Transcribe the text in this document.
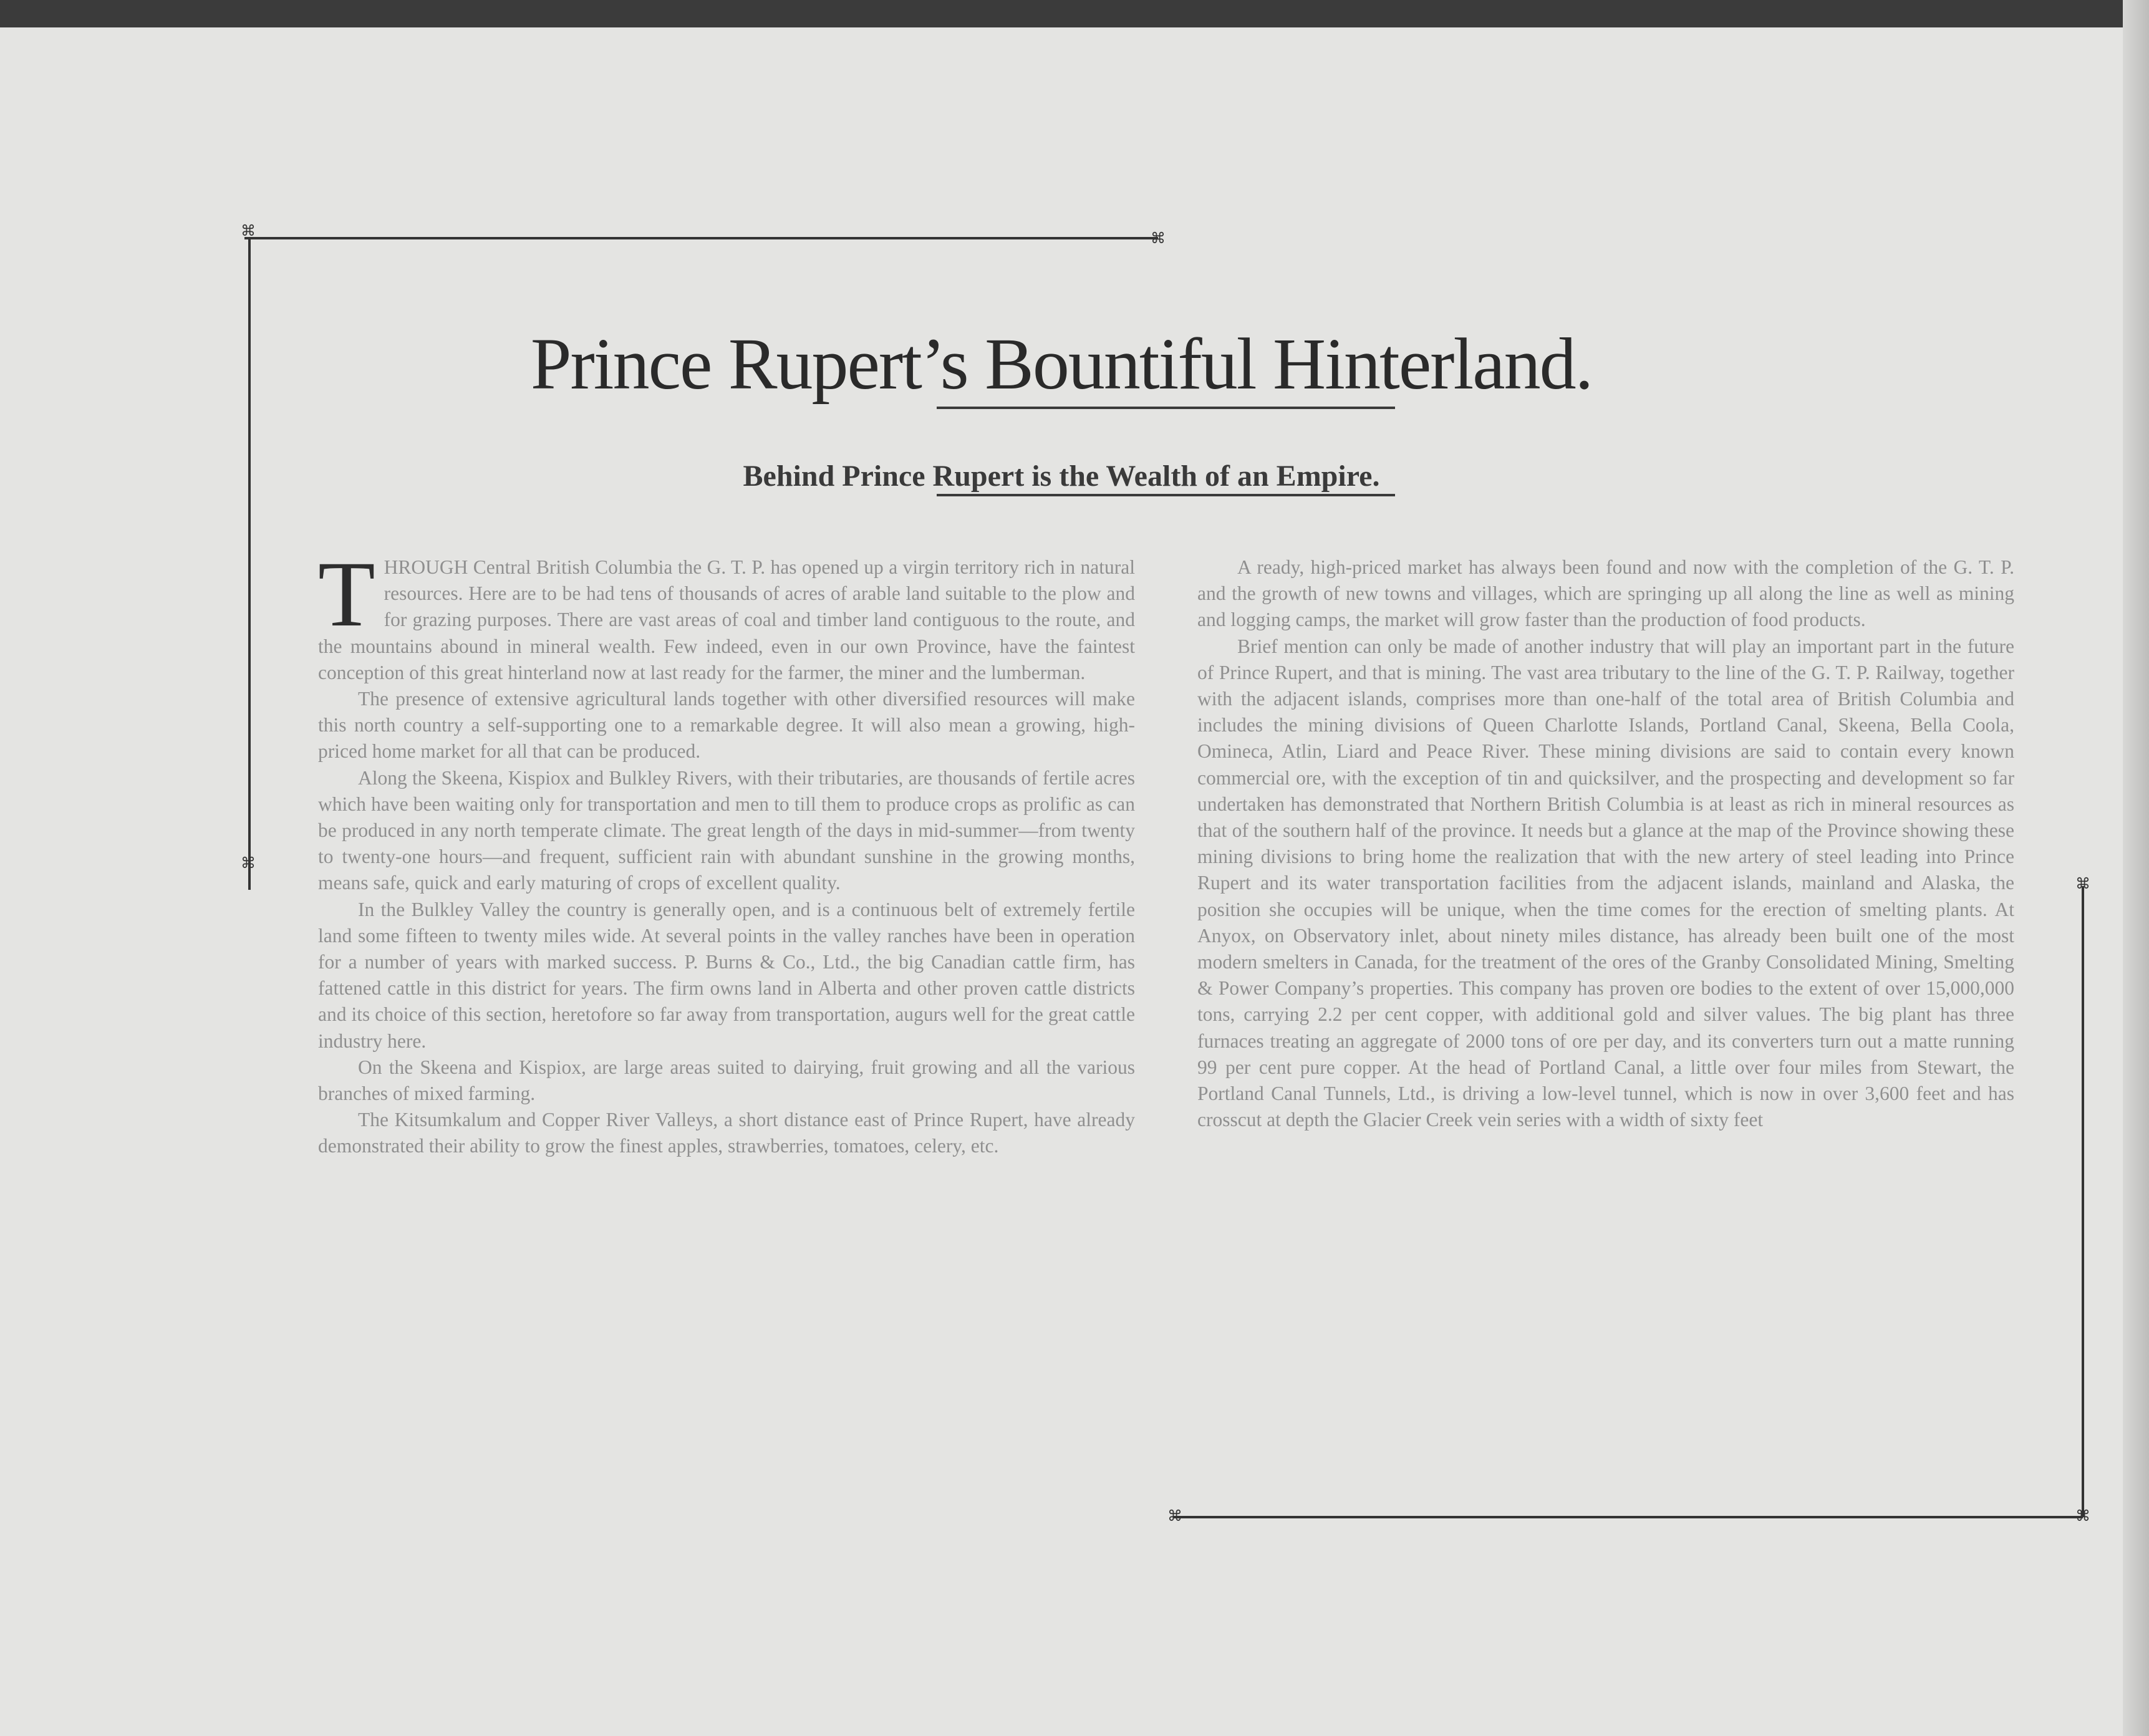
⌘	⌘
⌘
⌘
⌘	⌘
Prince Rupert’s Bountiful Hinterland.
Behind Prince Rupert is the Wealth of an Empire.

THROUGH Central British Columbia the G. T. P. has opened up a virgin territory rich in natural resources. Here are to be had tens of thousands of acres of arable land suitable to the plow and for grazing purposes. There are vast areas of coal and timber land contiguous to the route, and the mountains abound in mineral wealth. Few indeed, even in our own Province, have the faintest conception of this great hinterland now at last ready for the farmer, the miner and the lumberman.

The presence of extensive agricultural lands together with other diversified resources will make this north country a self-supporting one to a remarkable degree. It will also mean a growing, high-priced home market for all that can be produced.

Along the Skeena, Kispiox and Bulkley Rivers, with their tributaries, are thousands of fertile acres which have been waiting only for transportation and men to till them to produce crops as prolific as can be produced in any north temperate climate. The great length of the days in mid-summer—from twenty to twenty-one hours—and frequent, sufficient rain with abundant sunshine in the growing months, means safe, quick and early maturing of crops of excellent quality.

In the Bulkley Valley the country is generally open, and is a continuous belt of extremely fertile land some fifteen to twenty miles wide. At several points in the valley ranches have been in operation for a number of years with marked success. P. Burns & Co., Ltd., the big Canadian cattle firm, has fattened cattle in this district for years. The firm owns land in Alberta and other proven cattle districts and its choice of this section, heretofore so far away from transportation, augurs well for the great cattle industry here.

On the Skeena and Kispiox, are large areas suited to dairying, fruit growing and all the various branches of mixed farming.

The Kitsumkalum and Copper River Valleys, a short distance east of Prince Rupert, have already demonstrated their ability to grow the finest apples, strawberries, tomatoes, celery, etc.

A ready, high-priced market has always been found and now with the completion of the G. T. P. and the growth of new towns and villages, which are springing up all along the line as well as mining and logging camps, the market will grow faster than the production of food products.

Brief mention can only be made of another industry that will play an important part in the future of Prince Rupert, and that is mining. The vast area tributary to the line of the G. T. P. Railway, together with the adjacent islands, comprises more than one-half of the total area of British Columbia and includes the mining divisions of Queen Charlotte Islands, Portland Canal, Skeena, Bella Coola, Omineca, Atlin, Liard and Peace River. These mining divisions are said to contain every known commercial ore, with the exception of tin and quicksilver, and the prospecting and development so far undertaken has demonstrated that Northern British Columbia is at least as rich in mineral resources as that of the southern half of the province. It needs but a glance at the map of the Province showing these mining divisions to bring home the realization that with the new artery of steel leading into Prince Rupert and its water transportation facilities from the adjacent islands, mainland and Alaska, the position she occupies will be unique, when the time comes for the erection of smelting plants. At Anyox, on Observatory inlet, about ninety miles distance, has already been built one of the most modern smelters in Canada, for the treatment of the ores of the Granby Consolidated Mining, Smelting & Power Company’s properties. This company has proven ore bodies to the extent of over 15,000,000 tons, carrying 2.2 per cent copper, with additional gold and silver values. The big plant has three furnaces treating an aggregate of 2000 tons of ore per day, and its converters turn out a matte running 99 per cent pure copper. At the head of Portland Canal, a little over four miles from Stewart, the Portland Canal Tunnels, Ltd., is driving a low-level tunnel, which is now in over 3,600 feet and has crosscut at depth the Glacier Creek vein series with a width of sixty feet
